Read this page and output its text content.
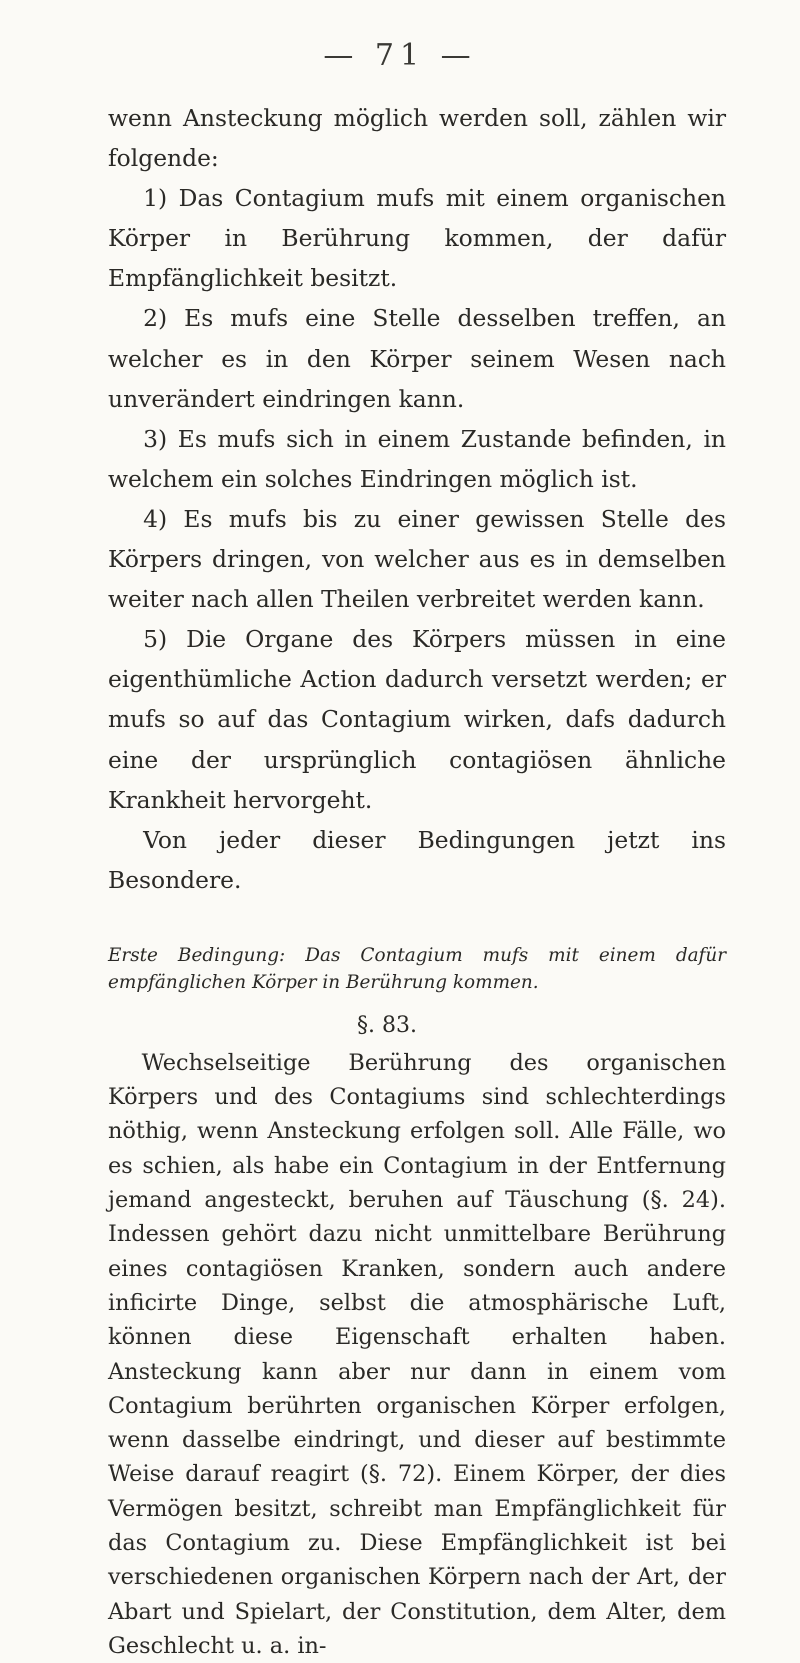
— 71 —

wenn Ansteckung möglich werden soll, zählen wir folgende:

1) Das Contagium mufs mit einem organischen Körper in Berührung kommen, der dafür Empfänglichkeit besitzt.

2) Es mufs eine Stelle desselben treffen, an welcher es in den Körper seinem Wesen nach unverändert eindringen kann.

3) Es mufs sich in einem Zustande befinden, in welchem ein solches Eindringen möglich ist.

4) Es mufs bis zu einer gewissen Stelle des Körpers dringen, von welcher aus es in demselben weiter nach allen Theilen verbreitet werden kann.

5) Die Organe des Körpers müssen in eine eigenthümliche Action dadurch versetzt werden; er mufs so auf das Contagium wirken, dafs dadurch eine der ursprünglich contagiösen ähnliche Krankheit hervorgeht.

Von jeder dieser Bedingungen jetzt ins Besondere.

Erste Bedingung: Das Contagium mufs mit einem dafür empfänglichen Körper in Berührung kommen.

§. 83.

Wechselseitige Berührung des organischen Körpers und des Contagiums sind schlechterdings nöthig, wenn Ansteckung erfolgen soll. Alle Fälle, wo es schien, als habe ein Contagium in der Entfernung jemand angesteckt, beruhen auf Täuschung (§. 24). Indessen gehört dazu nicht unmittelbare Berührung eines contagiösen Kranken, sondern auch andere inficirte Dinge, selbst die atmosphärische Luft, können diese Eigenschaft erhalten haben. Ansteckung kann aber nur dann in einem vom Contagium berührten organischen Körper erfolgen, wenn dasselbe eindringt, und dieser auf bestimmte Weise darauf reagirt (§. 72). Einem Körper, der dies Vermögen besitzt, schreibt man Empfänglichkeit für das Contagium zu. Diese Empfänglichkeit ist bei verschiedenen organischen Körpern nach der Art, der Abart und Spielart, der Constitution, dem Alter, dem Geschlecht u. a. in-
